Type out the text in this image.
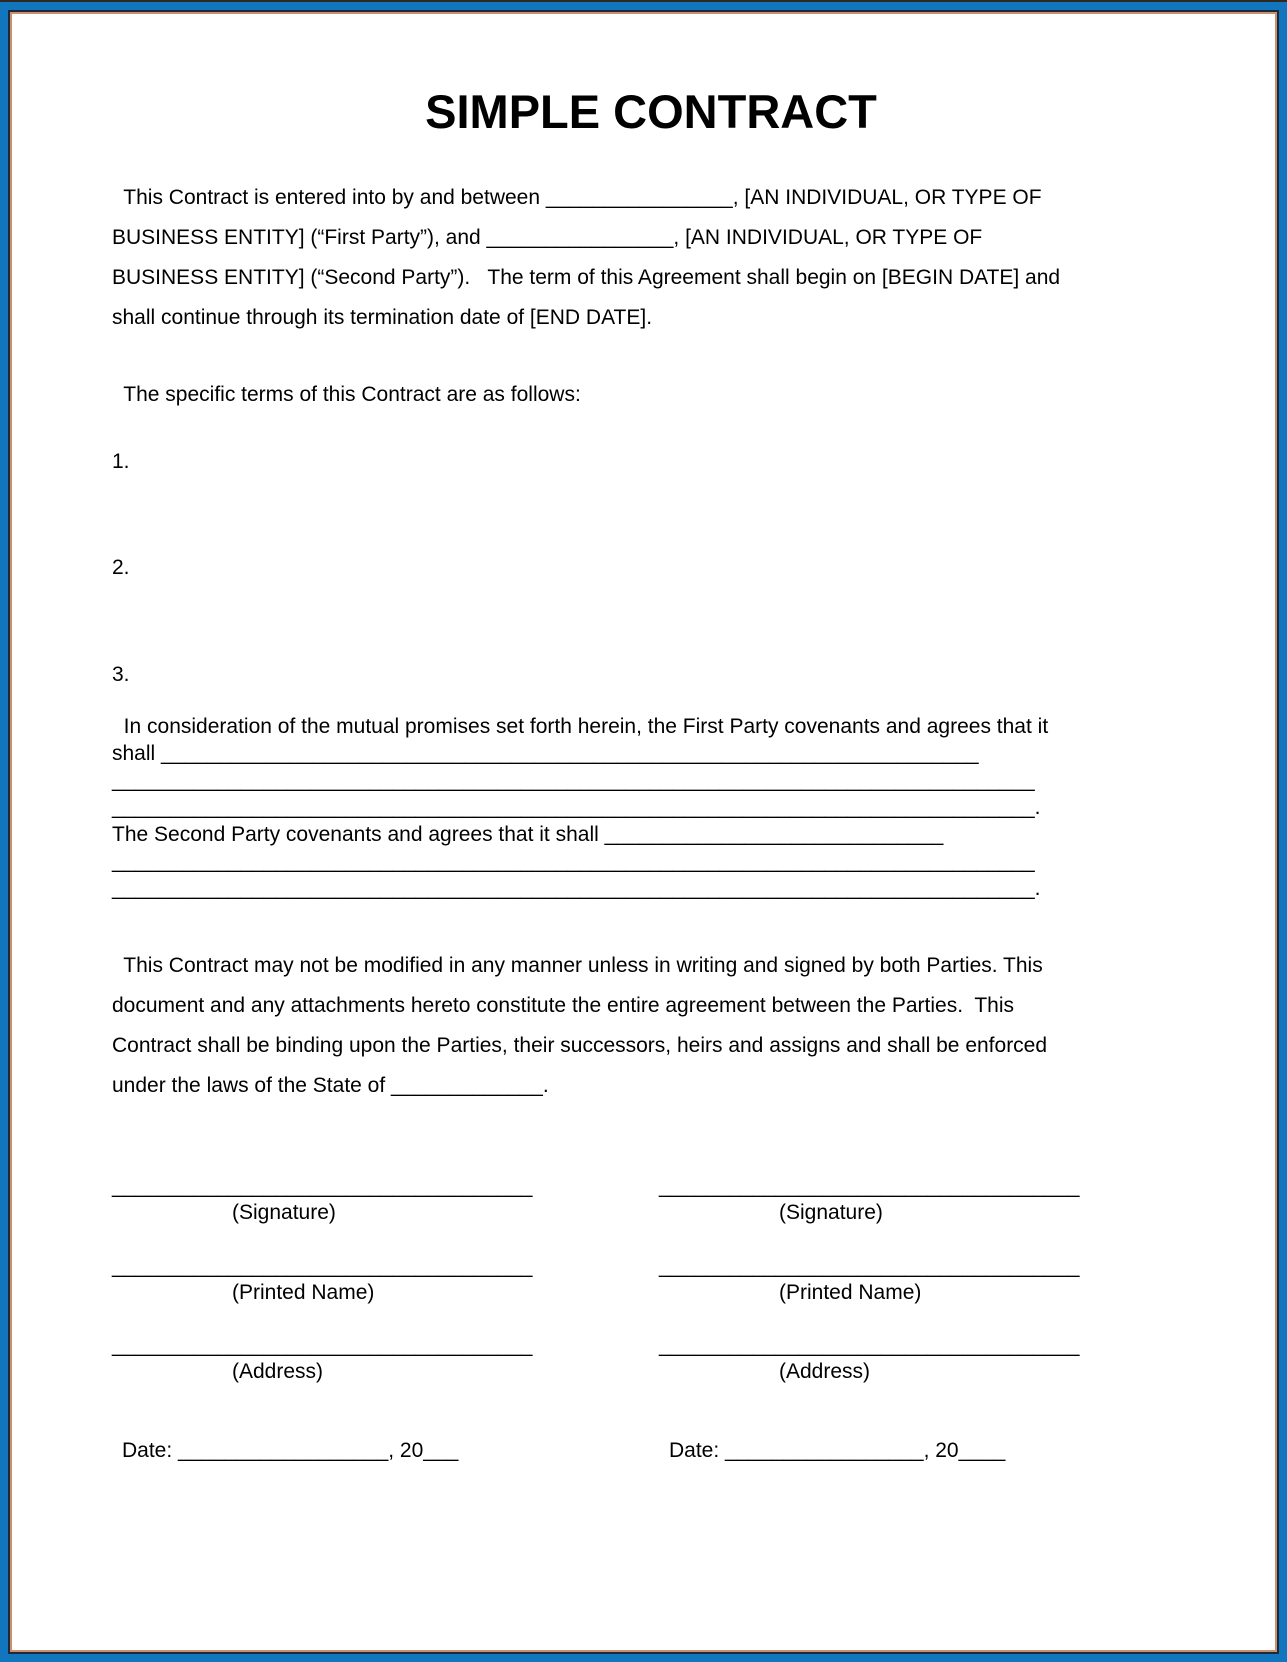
SIMPLE CONTRACT
This Contract is entered into by and between ________________, [AN INDIVIDUAL, OR TYPE OF
BUSINESS ENTITY] (“First Party”), and ________________, [AN INDIVIDUAL, OR TYPE OF
BUSINESS ENTITY] (“Second Party”).   The term of this Agreement shall begin on [BEGIN DATE] and
shall continue through its termination date of [END DATE].
The specific terms of this Contract are as follows:
1.
2.
3.
In consideration of the mutual promises set forth herein, the First Party covenants and agrees that it
shall ______________________________________________________________________
_______________________________________________________________________________
_______________________________________________________________________________.
The Second Party covenants and agrees that it shall _____________________________
_______________________________________________________________________________
_______________________________________________________________________________.
This Contract may not be modified in any manner unless in writing and signed by both Parties. This
document and any attachments hereto constitute the entire agreement between the Parties.  This
Contract shall be binding upon the Parties, their successors, heirs and assigns and shall be enforced
under the laws of the State of _____________.
____________________________________
(Signature)
____________________________________
(Printed Name)
____________________________________
(Address)
Date: __________________, 20___
____________________________________
(Signature)
____________________________________
(Printed Name)
____________________________________
(Address)
Date: _________________, 20____
